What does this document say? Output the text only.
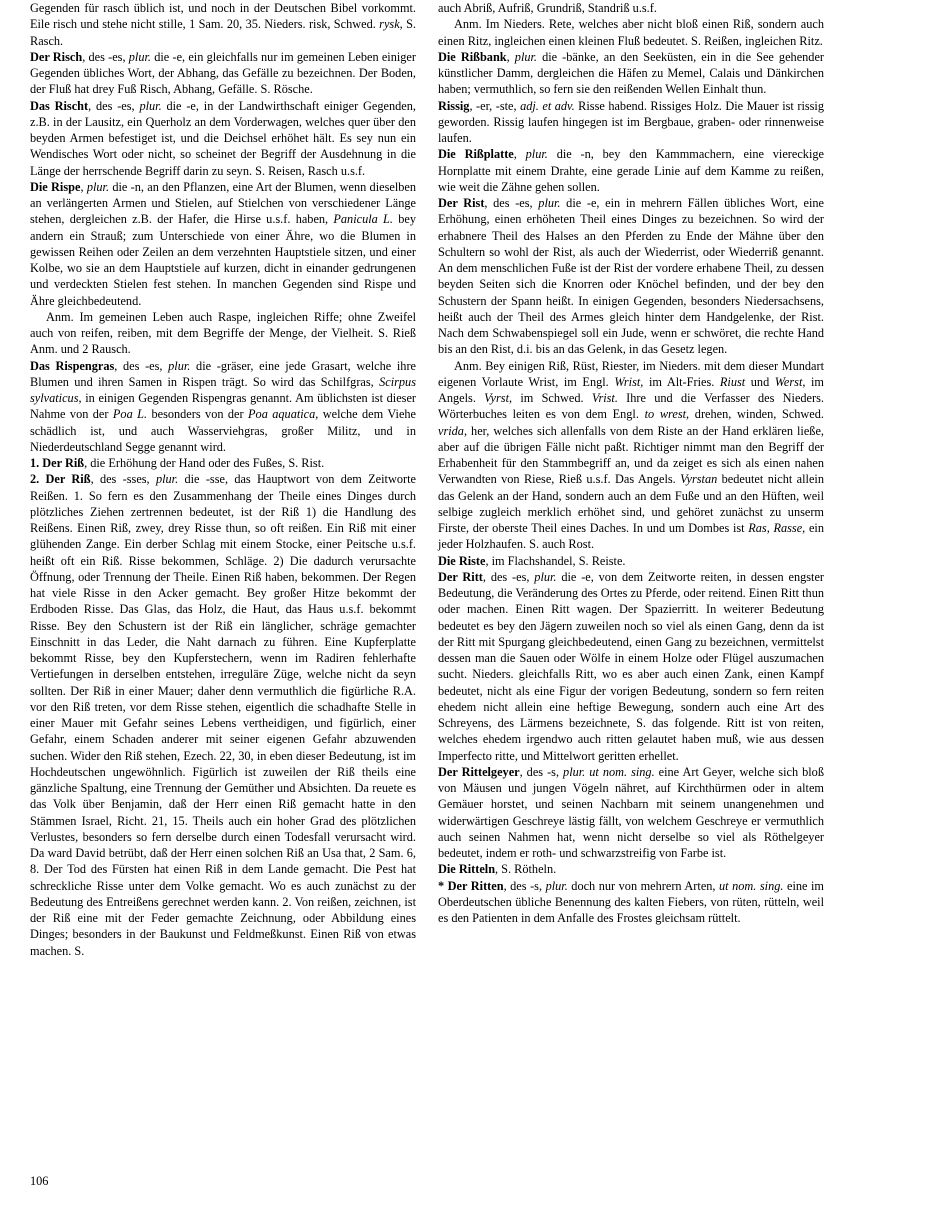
Gegenden für rasch üblich ist, und noch in der Deutschen Bibel vorkommt. Eile risch und stehe nicht stille, 1 Sam. 20, 35. Nieders. risk, Schwed. rysk, S. Rasch.

Der Risch, des -es, plur. die -e, ein gleichfalls nur im gemeinen Leben einiger Gegenden übliches Wort, der Abhang, das Gefälle zu bezeichnen. Der Boden, der Fluß hat drey Fuß Risch, Abhang, Gefälle. S. Rösche.

Das Rischt, des -es, plur. die -e, in der Landwirthschaft einiger Gegenden, z.B. in der Lausitz, ein Querholz an dem Vorderwagen, welches quer über den beyden Armen befestiget ist, und die Deichsel erhöhet hält. Es sey nun ein Wendisches Wort oder nicht, so scheinet der Begriff der Ausdehnung in die Länge der herrschende Begriff darin zu seyn. S. Reisen, Rasch u.s.f.

Die Rispe, plur. die -n, an den Pflanzen, eine Art der Blumen, wenn dieselben an verlängerten Armen und Stielen, auf Stielchen von verschiedener Länge stehen, dergleichen z.B. der Hafer, die Hirse u.s.f. haben, Panicula L. bey andern ein Strauß; zum Unterschiede von einer Ähre, wo die Blumen in gewissen Reihen oder Zeilen an dem verzehnten Hauptstiele sitzen, und einer Kolbe, wo sie an dem Hauptstiele auf kurzen, dicht in einander gedrungenen und verdeckten Stielen fest stehen. In manchen Gegenden sind Rispe und Ähre gleichbedeutend.

Anm. Im gemeinen Leben auch Raspe, ingleichen Riffe; ohne Zweifel auch von reifen, reiben, mit dem Begriffe der Menge, der Vielheit. S. Rieß Anm. und 2 Rausch.

Das Rispengras, des -es, plur. die -gräser, eine jede Grasart, welche ihre Blumen und ihren Samen in Rispen trägt. So wird das Schilfgras, Scirpus sylvaticus, in einigen Gegenden Rispengras genannt. Am üblichsten ist dieser Nahme von der Poa L. besonders von der Poa aquatica, welche dem Viehe schädlich ist, und auch Wasserviehgras, großer Militz, und in Niederdeutschland Segge genannt wird.

1. Der Riß, die Erhöhung der Hand oder des Fußes, S. Rist.

2. Der Riß, des -sses, plur. die -sse, das Hauptwort von dem Zeitworte Reißen. 1. So fern es den Zusammenhang der Theile eines Dinges durch plötzliches Ziehen zertrennen bedeutet, ist der Riß 1) die Handlung des Reißens. Einen Riß, zwey, drey Risse thun, so oft reißen. Ein Riß mit einer glühenden Zange. Ein derber Schlag mit einem Stocke, einer Peitsche u.s.f. heißt oft ein Riß. Risse bekommen, Schläge. 2) Die dadurch verursachte Öffnung, oder Trennung der Theile. Einen Riß haben, bekommen. Der Regen hat viele Risse in den Acker gemacht. Bey großer Hitze bekommt der Erdboden Risse. Das Glas, das Holz, die Haut, das Haus u.s.f. bekommt Risse. Bey den Schustern ist der Riß ein länglicher, schräge gemachter Einschnitt in das Leder, die Naht darnach zu führen. Eine Kupferplatte bekommt Risse, bey den Kupferstechern, wenn im Radiren fehlerhafte Vertiefungen in derselben entstehen, irreguläre Züge, welche nicht da seyn sollten. Der Riß in einer Mauer; daher denn vermuthlich die figürliche R.A. vor den Riß treten, vor dem Risse stehen, eigentlich die schadhafte Stelle in einer Mauer mit Gefahr seines Lebens vertheidigen, und figürlich, einer Gefahr, einem Schaden anderer mit seiner eigenen Gefahr abzuwenden suchen. Wider den Riß stehen, Ezech. 22, 30, in eben dieser Bedeutung, ist im Hochdeutschen ungewöhnlich. Figürlich ist zuweilen der Riß theils eine gänzliche Spaltung, eine Trennung der Gemüther und Absichten. Da reuete es das Volk über Benjamin, daß der Herr einen Riß gemacht hatte in den Stämmen Israel, Richt. 21, 15. Theils auch ein hoher Grad des plötzlichen Verlustes, besonders so fern derselbe durch einen Todesfall verursacht wird. Da ward David betrübt, daß der Herr einen solchen Riß an Usa that, 2 Sam. 6, 8. Der Tod des Fürsten hat einen Riß in dem Lande gemacht. Die Pest hat schreckliche Risse unter dem Volke gemacht. Wo es auch zunächst zu der Bedeutung des Entreißens gerechnet werden kann. 2. Von reißen, zeichnen, ist der Riß eine mit der Feder gemachte Zeichnung, oder Abbildung eines Dinges; besonders in der Baukunst und Feldmeßkunst. Einen Riß von etwas machen. S.

auch Abriß, Aufriß, Grundriß, Standriß u.s.f.

Anm. Im Nieders. Rete, welches aber nicht bloß einen Riß, sondern auch einen Ritz, ingleichen einen kleinen Fluß bedeutet. S. Reißen, ingleichen Ritz.

Die Rißbank, plur. die -bänke, an den Seeküsten, ein in die See gehender künstlicher Damm, dergleichen die Häfen zu Memel, Calais und Dänkirchen haben; vermuthlich, so fern sie den reißenden Wellen Einhalt thun.

Rissig, -er, -ste, adj. et adv. Risse habend. Rissiges Holz. Die Mauer ist rissig geworden. Rissig laufen hingegen ist im Bergbaue, graben- oder rinnenweise laufen.

Die Rißplatte, plur. die -n, bey den Kammmachern, eine viereckige Hornplatte mit einem Drahte, eine gerade Linie auf dem Kamme zu reißen, wie weit die Zähne gehen sollen.

Der Rist, des -es, plur. die -e, ein in mehrern Fällen übliches Wort, eine Erhöhung, einen erhöheten Theil eines Dinges zu bezeichnen. So wird der erhabnere Theil des Halses an den Pferden zu Ende der Mähne über den Schultern so wohl der Rist, als auch der Wiederrist, oder Wiederriß genannt. An dem menschlichen Fuße ist der Rist der vordere erhabene Theil, zu dessen beyden Seiten sich die Knorren oder Knöchel befinden, und der bey den Schustern der Spann heißt. In einigen Gegenden, besonders Niedersachsens, heißt auch der Theil des Armes gleich hinter dem Handgelenke, der Rist. Nach dem Schwabenspiegel soll ein Jude, wenn er schwöret, die rechte Hand bis an den Rist, d.i. bis an das Gelenk, in das Gesetz legen.

Anm. Bey einigen Riß, Rüst, Riester, im Nieders. mit dem dieser Mundart eigenen Vorlaute Wrist, im Engl. Wrist, im Alt-Fries. Riust und Werst, im Angels. Vyrst, im Schwed. Vrist. Ihre und die Verfasser des Nieders. Wörterbuches leiten es von dem Engl. to wrest, drehen, winden, Schwed. vrida, her, welches sich allenfalls von dem Riste an der Hand erklären ließe, aber auf die übrigen Fälle nicht paßt. Richtiger nimmt man den Begriff der Erhabenheit für den Stammbegriff an, und da zeiget es sich als einen nahen Verwandten von Riese, Rieß u.s.f. Das Angels. Vyrstan bedeutet nicht allein das Gelenk an der Hand, sondern auch an dem Fuße und an den Hüften, weil selbige zugleich merklich erhöhet sind, und gehöret zunächst zu unserm Firste, der oberste Theil eines Daches. In und um Dombes ist Ras, Rasse, ein jeder Holzhaufen. S. auch Rost.

Die Riste, im Flachshandel, S. Reiste.

Der Ritt, des -es, plur. die -e, von dem Zeitworte reiten, in dessen engster Bedeutung, die Veränderung des Ortes zu Pferde, oder reitend. Einen Ritt thun oder machen. Einen Ritt wagen. Der Spazierritt. In weiterer Bedeutung bedeutet es bey den Jägern zuweilen noch so viel als einen Gang, denn da ist der Ritt mit Spurgang gleichbedeutend, einen Gang zu bezeichnen, vermittelst dessen man die Sauen oder Wölfe in einem Holze oder Flügel auszumachen sucht. Nieders. gleichfalls Ritt, wo es aber auch einen Zank, einen Kampf bedeutet, nicht als eine Figur der vorigen Bedeutung, sondern so fern reiten ehedem nicht allein eine heftige Bewegung, sondern auch eine Art des Schreyens, des Lärmens bezeichnete, S. das folgende. Ritt ist von reiten, welches ehedem irgendwo auch ritten gelautet haben muß, wie aus dessen Imperfecto ritte, und Mittelwort geritten erhellet.

Der Rittelgeyer, des -s, plur. ut nom. sing. eine Art Geyer, welche sich bloß von Mäusen und jungen Vögeln nähret, auf Kirchthürmen oder in altem Gemäuer horstet, und seinen Nachbarn mit seinem unangenehmen und widerwärtigen Geschreye lästig fällt, von welchem Geschreye er vermuthlich auch seinen Nahmen hat, wenn nicht derselbe so viel als Röthelgeyer bedeutet, indem er roth- und schwarzstreifig von Farbe ist.

Die Ritteln, S. Rötheln.

* Der Ritten, des -s, plur. doch nur von mehrern Arten, ut nom. sing. eine im Oberdeutschen übliche Benennung des kalten Fiebers, von rüten, rütteln, weil es den Patienten in dem Anfalle des Frostes gleichsam rüttelt.

106
